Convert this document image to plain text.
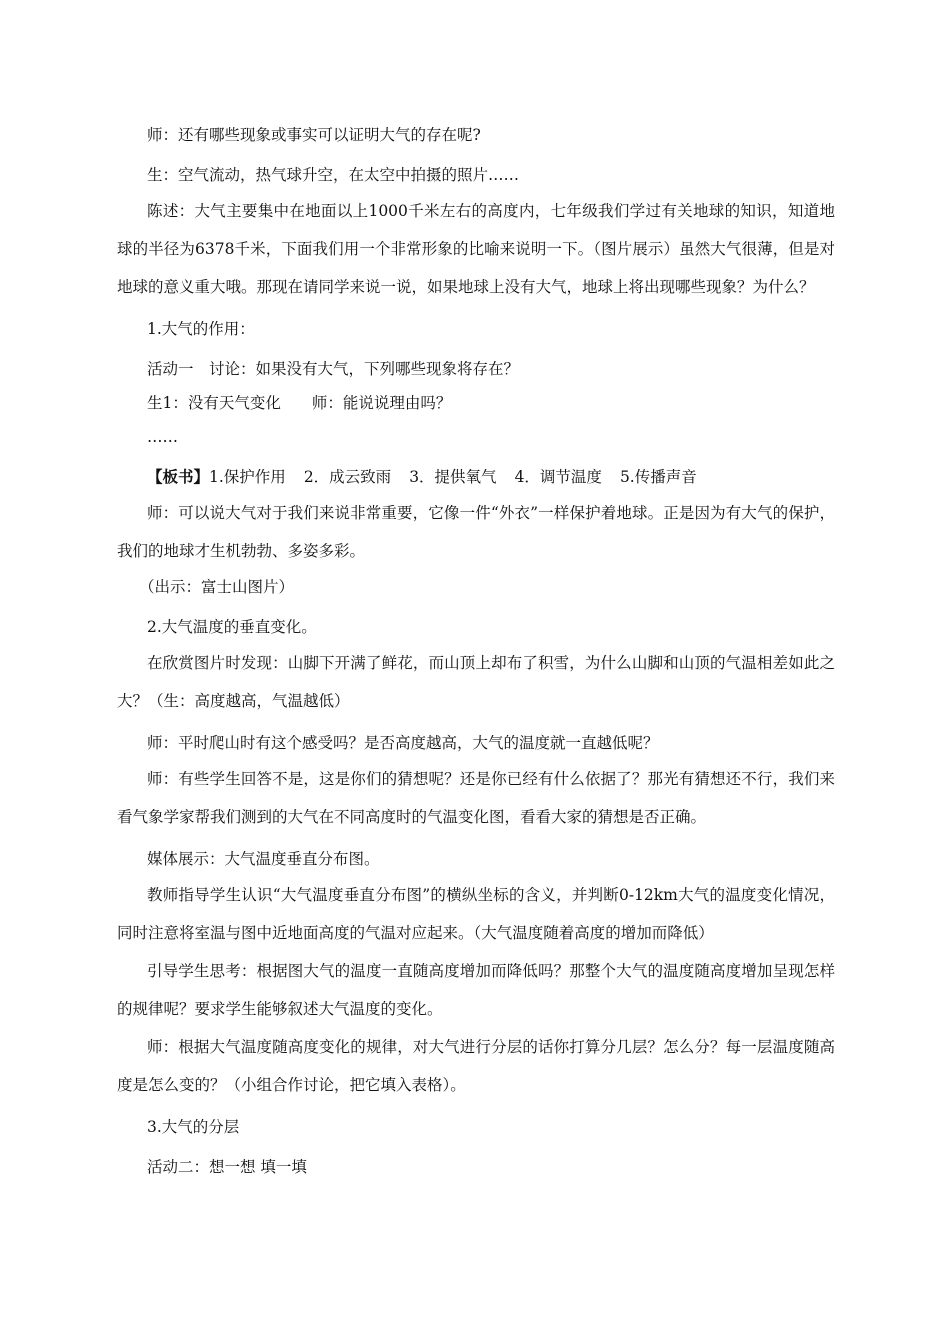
师：还有哪些现象或事实可以证明大气的存在呢?

生：空气流动，热气球升空，在太空中拍摄的照片……

陈述：大气主要集中在地面以上1000千米左右的高度内，七年级我们学过有关地球的知识，知道地球的半径为6378千米，下面我们用一个非常形象的比喻来说明一下。（图片展示）虽然大气很薄，但是对地球的意义重大哦。那现在请同学来说一说，如果地球上没有大气，地球上将出现哪些现象？为什么？

1.大气的作用：

活动一　讨论：如果没有大气，下列哪些现象将存在？

生1：没有天气变化　　师：能说说理由吗？

……

【板书】1.保护作用 2．成云致雨 3．提供氧气 4．调节温度 5.传播声音

师：可以说大气对于我们来说非常重要，它像一件“外衣”一样保护着地球。正是因为有大气的保护，我们的地球才生机勃勃、多姿多彩。

（出示：富士山图片）

2.大气温度的垂直变化。

在欣赏图片时发现：山脚下开满了鲜花，而山顶上却布了积雪，为什么山脚和山顶的气温相差如此之大？（生：高度越高，气温越低）

师：平时爬山时有这个感受吗？是否高度越高，大气的温度就一直越低呢？

师：有些学生回答不是，这是你们的猜想呢？还是你已经有什么依据了？那光有猜想还不行，我们来看气象学家帮我们测到的大气在不同高度时的气温变化图，看看大家的猜想是否正确。

媒体展示：大气温度垂直分布图。

教师指导学生认识“大气温度垂直分布图”的横纵坐标的含义，并判断0-12km大气的温度变化情况，同时注意将室温与图中近地面高度的气温对应起来。（大气温度随着高度的增加而降低）

引导学生思考：根据图大气的温度一直随高度增加而降低吗？那整个大气的温度随高度增加呈现怎样的规律呢？要求学生能够叙述大气温度的变化。

师：根据大气温度随高度变化的规律，对大气进行分层的话你打算分几层？怎么分？每一层温度随高度是怎么变的？（小组合作讨论，把它填入表格）。

3.大气的分层

活动二：想一想 填一填
